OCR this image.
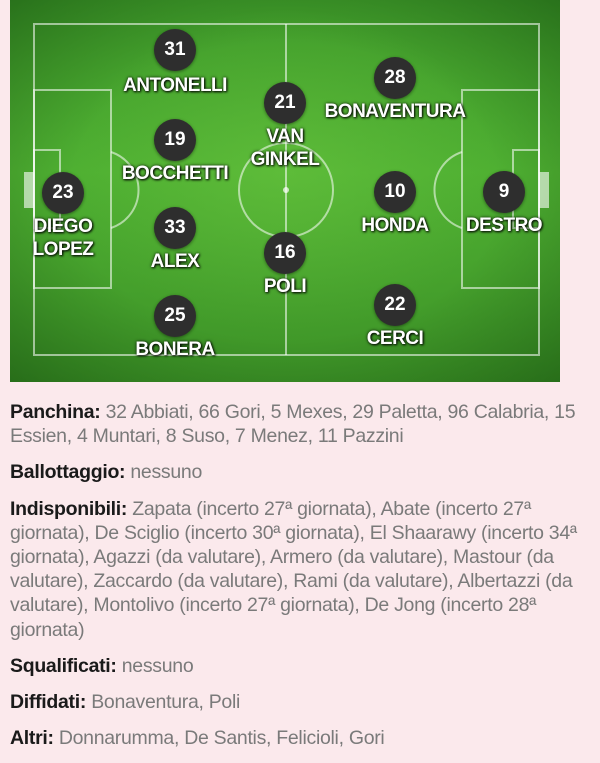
31
ANTONELLI
19
BOCCHETTI
23
DIEGO
LOPEZ
33
ALEX
25
BONERA
21
VAN
GINKEL
16
POLI
28
BONAVENTURA
10
HONDA
22
CERCI
9
DESTRO

Panchina: 32 Abbiati, 66 Gori, 5 Mexes, 29 Paletta, 96 Calabria, 15 Essien, 4 Muntari, 8 Suso, 7 Menez, 11 Pazzini

Ballottaggio: nessuno

Indisponibili: Zapata (incerto 27ª giornata), Abate (incerto 27ª giornata), De Sciglio (incerto 30ª giornata), El Shaarawy (incerto 34ª giornata), Agazzi (da valutare), Armero (da valutare), Mastour (da valutare), Zaccardo (da valutare), Rami (da valutare), Albertazzi (da valutare), Montolivo (incerto 27ª giornata), De Jong (incerto 28ª giornata)

Squalificati: nessuno

Diffidati: Bonaventura, Poli

Altri: Donnarumma, De Santis, Felicioli, Gori
